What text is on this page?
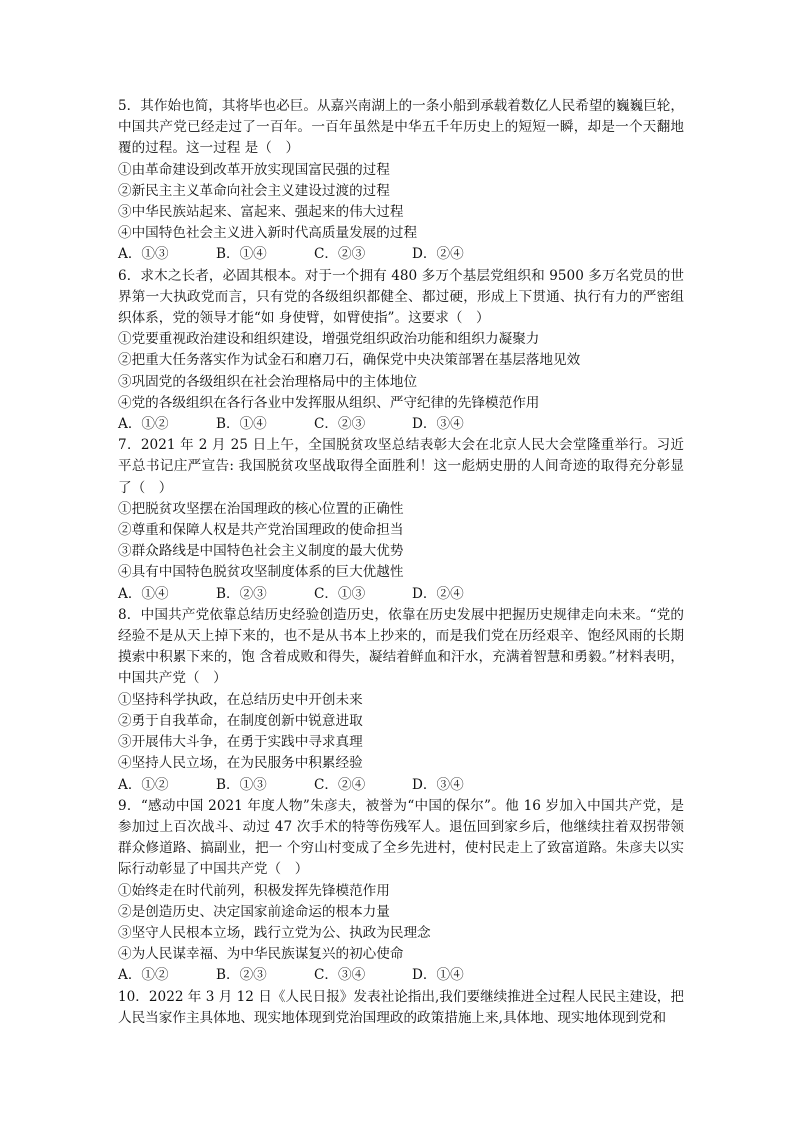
5．其作始也简，其将毕也必巨。从嘉兴南湖上的一条小船到承载着数亿人民希望的巍巍巨轮，中国共产党已经走过了一百年。一百年虽然是中华五千年历史上的短短一瞬，却是一个天翻地覆的过程。这一过程 是（　）

①由革命建设到改革开放实现国富民强的过程

②新民主主义革命向社会主义建设过渡的过程

③中华民族站起来、富起来、强起来的伟大过程

④中国特色社会主义进入新时代高质量发展的过程

A．①③	B．①④	C．②③	D．②④

6．求木之长者，必固其根本。对于一个拥有 480 多万个基层党组织和 9500 多万名党员的世界第一大执政党而言，只有党的各级组织都健全、都过硬，形成上下贯通、执行有力的严密组织体系，党的领导才能“如 身使臂，如臂使指”。这要求（　）

①党要重视政治建设和组织建设，增强党组织政治功能和组织力凝聚力

②把重大任务落实作为试金石和磨刀石，确保党中央决策部署在基层落地见效

③巩固党的各级组织在社会治理格局中的主体地位

④党的各级组织在各行各业中发挥服从组织、严守纪律的先锋模范作用

A．①②	B．①④	C．②③	D．③④

7．2021 年 2 月 25 日上午，全国脱贫攻坚总结表彰大会在北京人民大会堂隆重举行。习近平总书记庄严宣告: 我国脱贫攻坚战取得全面胜利！这一彪炳史册的人间奇迹的取得充分彰显了（　）

①把脱贫攻坚摆在治国理政的核心位置的正确性

②尊重和保障人权是共产党治国理政的使命担当

③群众路线是中国特色社会主义制度的最大优势

④具有中国特色脱贫攻坚制度体系的巨大优越性

A．①④	B．②③	C．①③	D．②④

8．中国共产党依靠总结历史经验创造历史，依靠在历史发展中把握历史规律走向未来。“党的经验不是从天上掉下来的，也不是从书本上抄来的，而是我们党在历经艰辛、饱经风雨的长期摸索中积累下来的，饱 含着成败和得失，凝结着鲜血和汗水，充满着智慧和勇毅。”材料表明，中国共产党（　）

①坚持科学执政，在总结历史中开创未来

②勇于自我革命，在制度创新中锐意进取

③开展伟大斗争，在勇于实践中寻求真理

④坚持人民立场，在为民服务中积累经验

A．①②	B．①③	C．②④	D．③④

9．“感动中国 2021 年度人物”朱彦夫，被誉为“中国的保尔”。他 16 岁加入中国共产党，是参加过上百次战斗、动过 47 次手术的特等伤残军人。退伍回到家乡后，他继续拄着双拐带领群众修道路、搞副业，把一 个穷山村变成了全乡先进村，使村民走上了致富道路。朱彦夫以实际行动彰显了中国共产党（　）

①始终走在时代前列，积极发挥先锋模范作用

②是创造历史、决定国家前途命运的根本力量

③坚守人民根本立场，践行立党为公、执政为民理念

④为人民谋幸福、为中华民族谋复兴的初心使命

A．①②	B．②③	C．③④	D．①④

10．2022 年 3 月 12 日《人民日报》发表社论指出,我们要继续推进全过程人民民主建设，把人民当家作主具体地、现实地体现到党治国理政的政策措施上来,具体地、现实地体现到党和
